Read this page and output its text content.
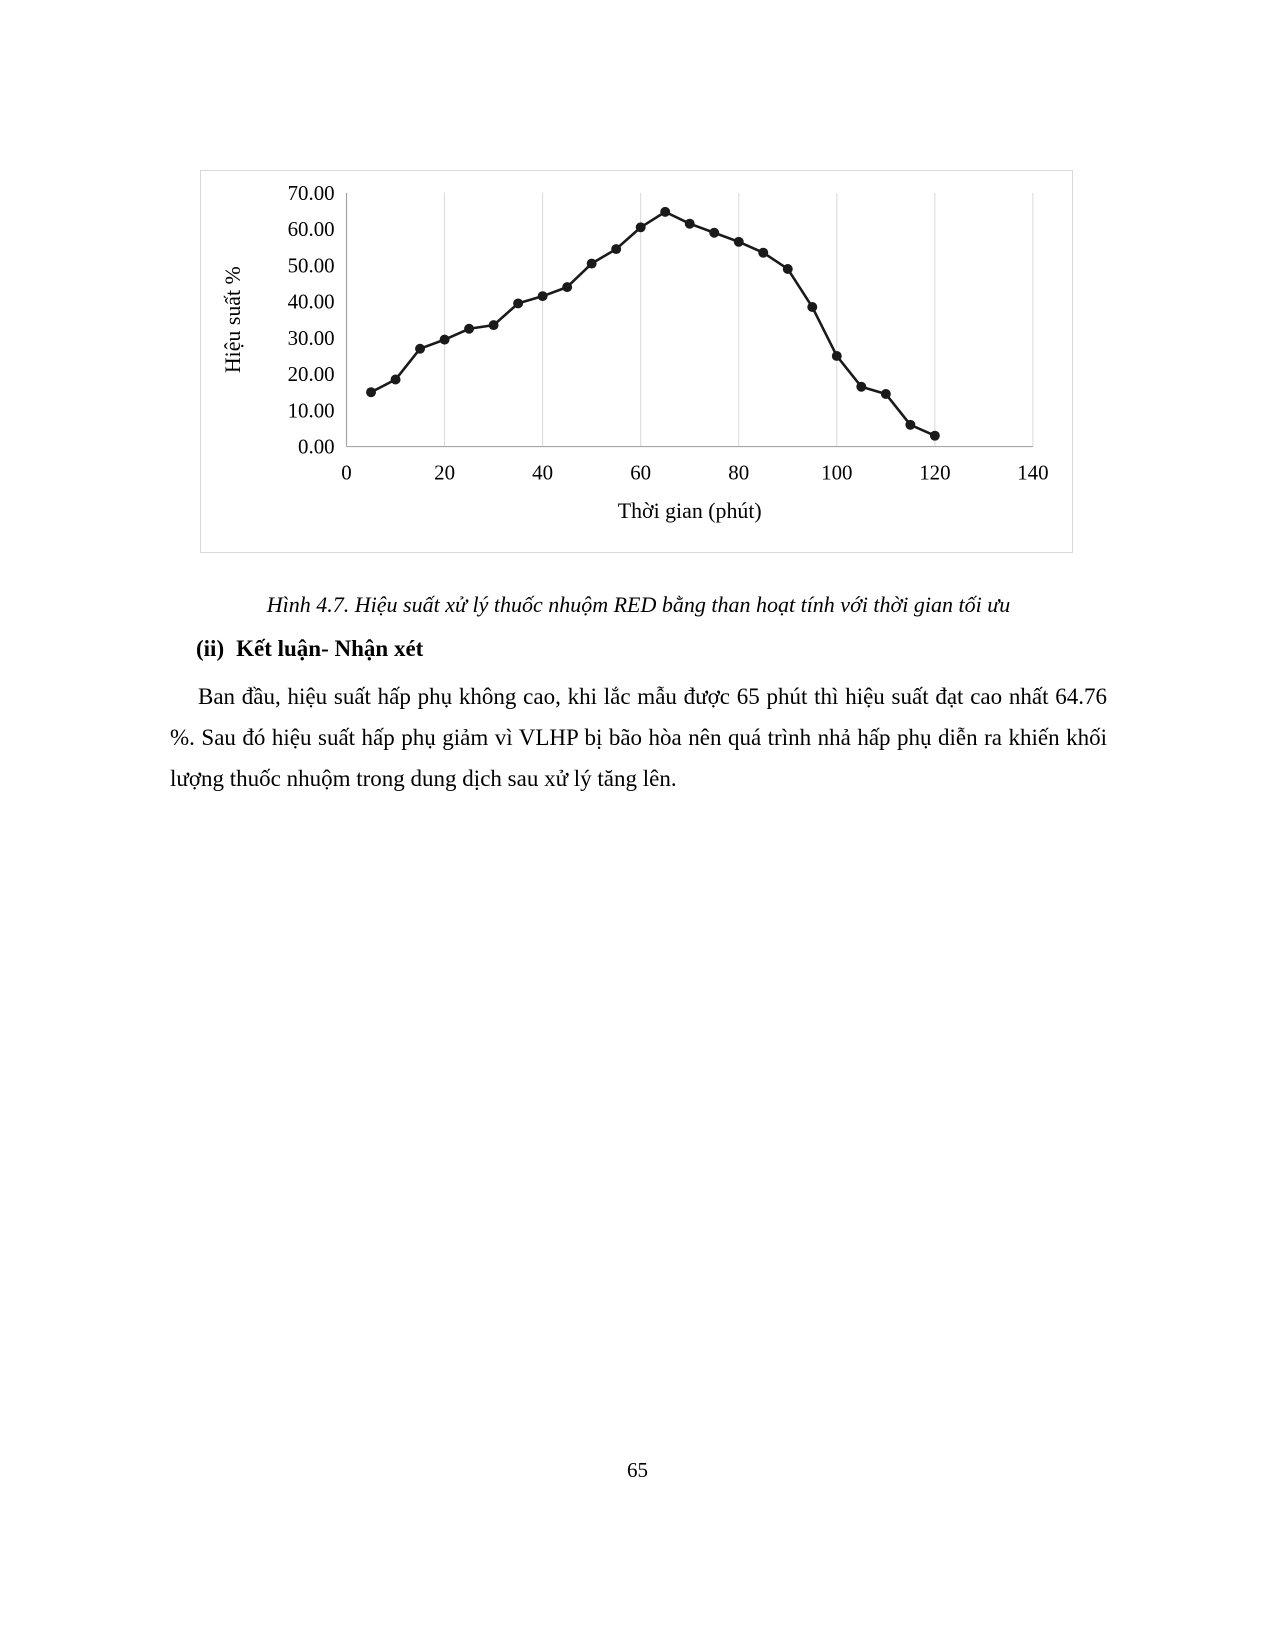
0.00
10.00
20.00
30.00
40.00
50.00
60.00
70.00
0	20	40	60	80	100	120	140
Thời gian (phút)
Hiệu suất %
Hình 4.7. Hiệu suất xử lý thuốc nhuộm RED bằng than hoạt tính với thời gian tối ưu
(ii) Kết luận- Nhận xét
Ban đầu, hiệu suất hấp phụ không cao, khi lắc mẫu được 65 phút thì hiệu suất đạt cao nhất 64.76 %. Sau đó hiệu suất hấp phụ giảm vì VLHP bị bão hòa nên quá trình nhả hấp phụ diễn ra khiến khối lượng thuốc nhuộm trong dung dịch sau xử lý tăng lên.
65
